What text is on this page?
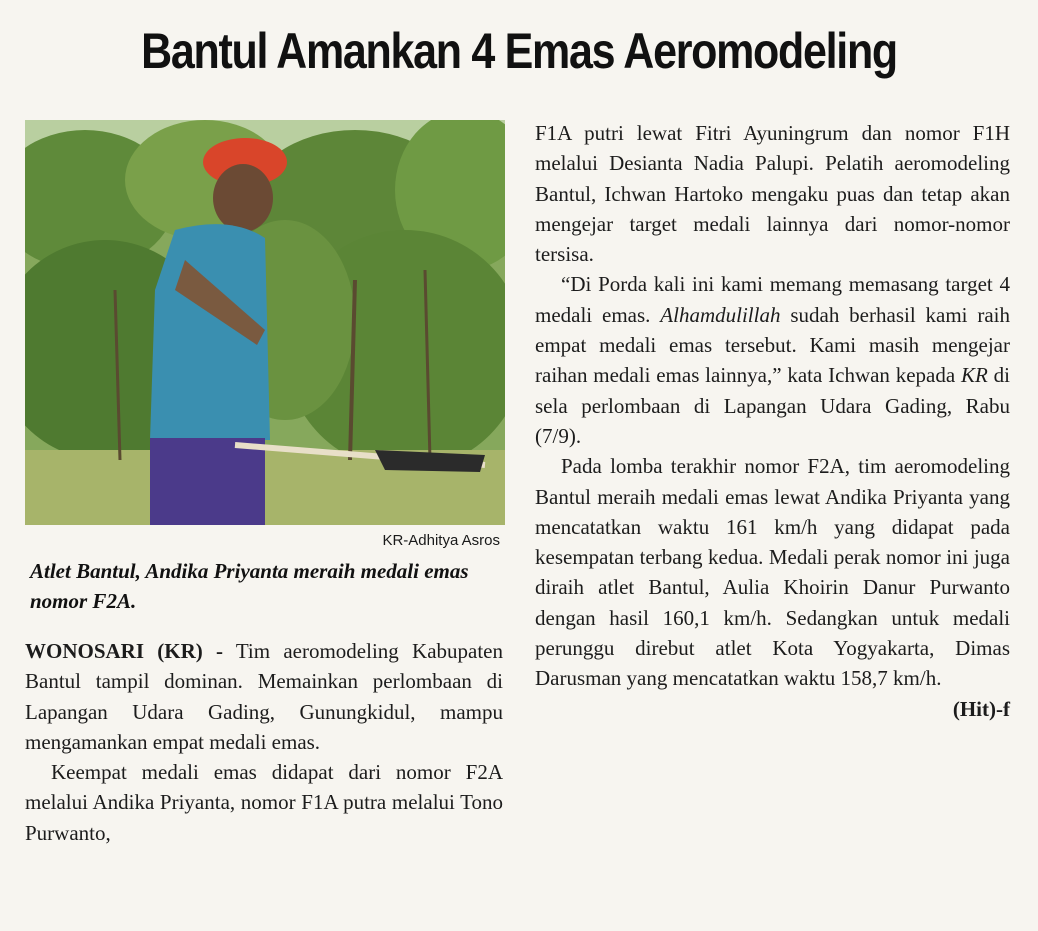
Bantul Amankan 4 Emas Aeromodeling
KR-Adhitya Asros
Atlet Bantul, Andika Priyanta meraih medali emas nomor F2A.

WONOSARI (KR) - Tim aeromodeling Kabupaten Bantul tampil dominan. Memainkan perlombaan di Lapangan Udara Gading, Gunungkidul, mampu mengamankan empat medali emas.

Keempat medali emas didapat dari nomor F2A melalui Andika Priyanta, nomor F1A putra melalui Tono Purwanto,

F1A putri lewat Fitri Ayuningrum dan nomor F1H melalui Desianta Nadia Palupi. Pelatih aeromodeling Bantul, Ichwan Hartoko mengaku puas dan tetap akan mengejar target medali lainnya dari nomor-nomor tersisa.

“Di Porda kali ini kami memang memasang target 4 medali emas. Alhamdulillah sudah berhasil kami raih empat medali emas tersebut. Kami masih mengejar raihan medali emas lainnya,” kata Ichwan kepada KR di sela perlombaan di Lapangan Udara Gading, Rabu (7/9).

Pada lomba terakhir nomor F2A, tim aeromodeling Bantul meraih medali emas lewat Andika Priyanta yang mencatatkan waktu 161 km/h yang didapat pada kesempatan terbang kedua. Medali perak nomor ini juga diraih atlet Bantul, Aulia Khoirin Danur Purwanto dengan hasil 160,1 km/h. Sedangkan untuk medali perunggu direbut atlet Kota Yogyakarta, Dimas Darusman yang mencatatkan waktu 158,7 km/h.
(Hit)-f
